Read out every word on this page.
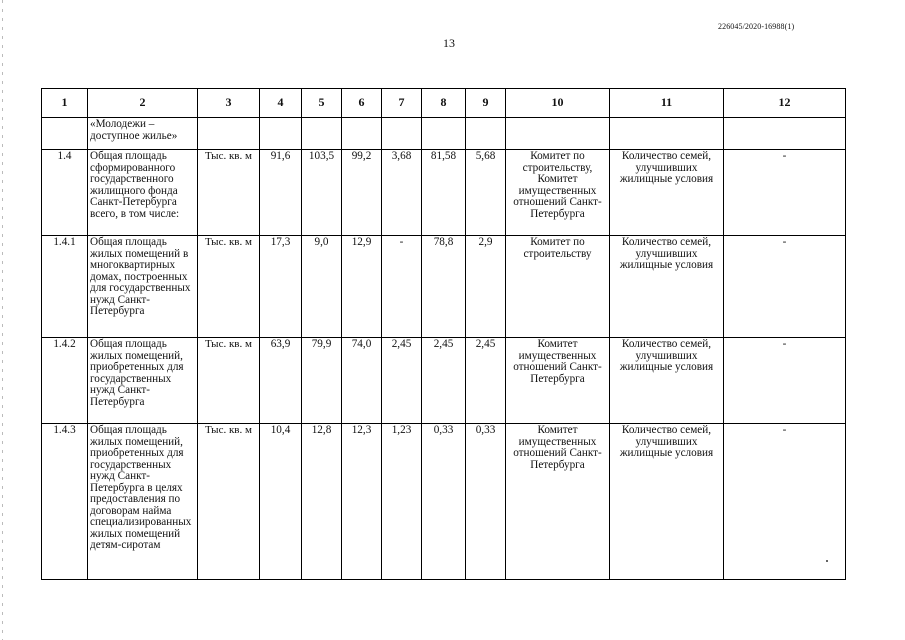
226045/2020-16988(1)
13
1	2	3	4	5	6	7	8	9	10	11	12
	«Молодежи – доступное жилье»										
1.4	Общая площадь сформированного государственного жилищного фонда Санкт-Петербурга всего, в том числе:	Тыс. кв. м	91,6	103,5	99,2	3,68	81,58	5,68	Комитет по строительству, Комитет имущественных отношений Санкт-Петербурга	Количество семей, улучшивших жилищные условия	-
1.4.1	Общая площадь жилых помещений в многоквартирных домах, построенных для государственных нужд Санкт-Петербурга	Тыс. кв. м	17,3	9,0	12,9	-	78,8	2,9	Комитет по строительству	Количество семей, улучшивших жилищные условия	-
1.4.2	Общая площадь жилых помещений, приобретенных для государственных нужд Санкт-Петербурга	Тыс. кв. м	63,9	79,9	74,0	2,45	2,45	2,45	Комитет имущественных отношений Санкт-Петербурга	Количество семей, улучшивших жилищные условия	-
1.4.3	Общая площадь жилых помещений, приобретенных для государственных нужд Санкт-Петербурга в целях предоставления по договорам найма специализированных жилых помещений детям-сиротам	Тыс. кв. м	10,4	12,8	12,3	1,23	0,33	0,33	Комитет имущественных отношений Санкт-Петербурга	Количество семей, улучшивших жилищные условия	-
